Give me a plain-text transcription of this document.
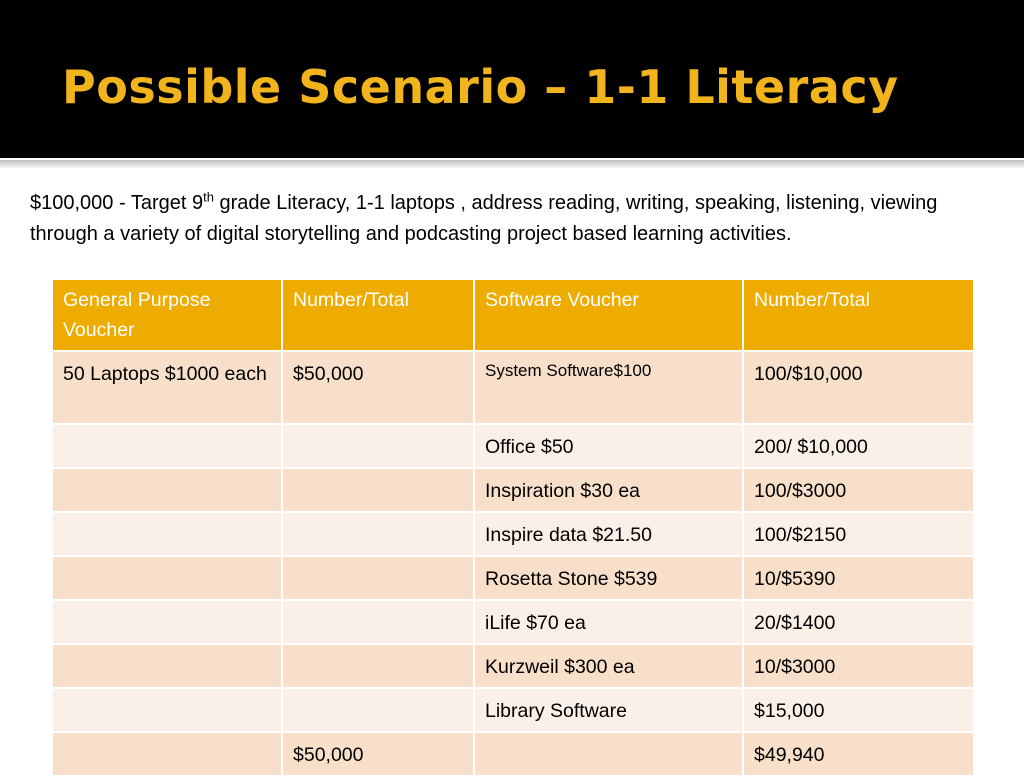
Possible Scenario – 1-1 Literacy

$100,000 - Target 9th grade Literacy, 1-1 laptops , address reading, writing, speaking, listening, viewing through a variety of digital storytelling and podcasting project based learning activities.

General Purpose Voucher	Number/Total	Software Voucher	Number/Total
50 Laptops $1000 each	$50,000	System Software$100	100/$10,000
		Office $50	200/ $10,000
		Inspiration $30 ea	100/$3000
		Inspire data $21.50	100/$2150
		Rosetta Stone $539	10/$5390
		iLife $70 ea	20/$1400
		Kurzweil $300 ea	10/$3000
		Library Software	$15,000
	$50,000		$49,940
